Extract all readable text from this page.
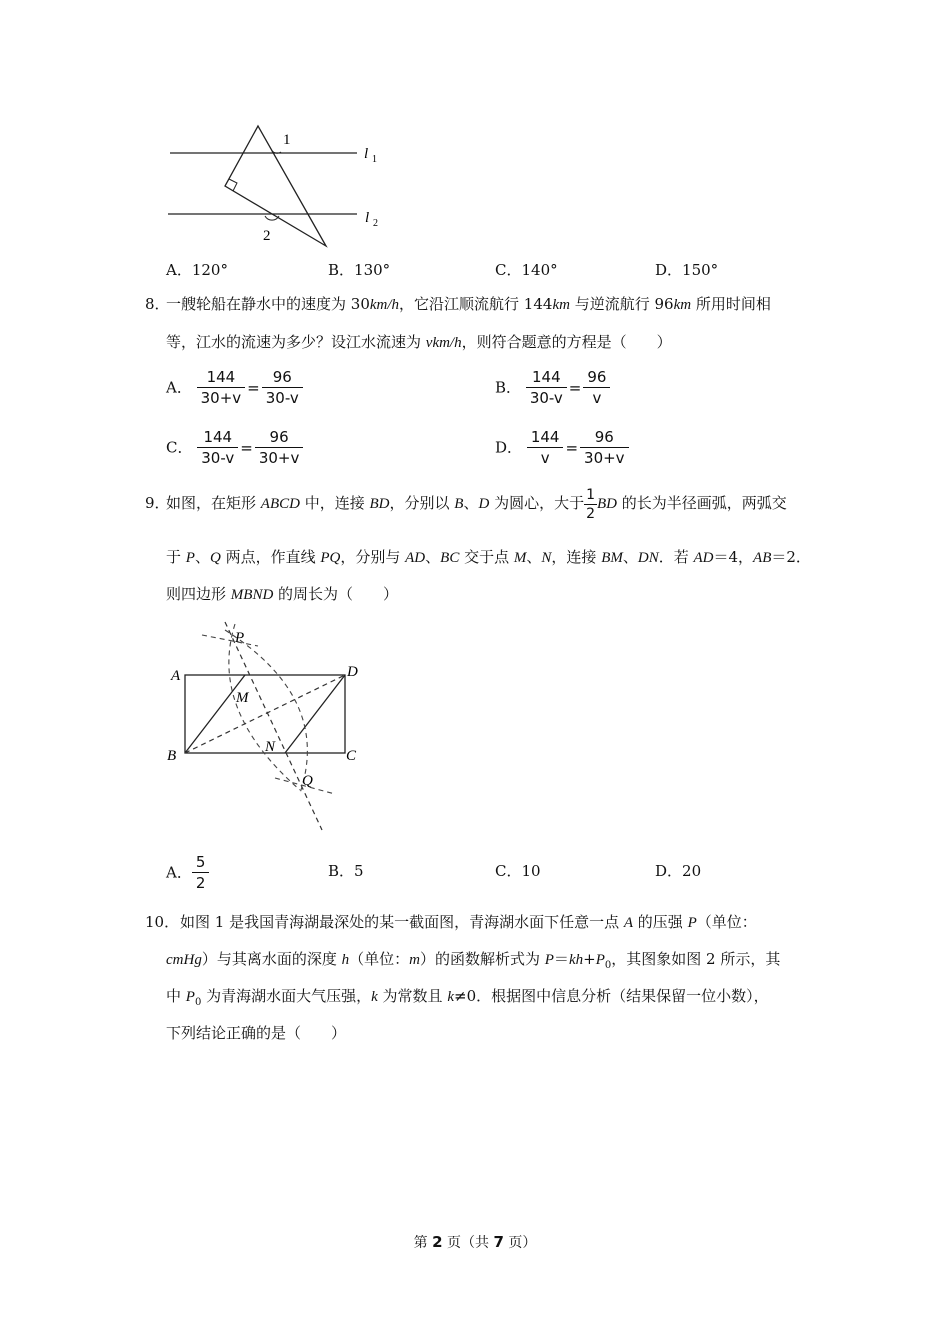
1
2
l 1
l 2
A．120°	B．130°	C．140°	D．150°
8．
一艘轮船在静水中的速度为 30km/h，它沿江顺流航行 144km 与逆流航行 96km 所用时间相
等，江水的流速为多少？设江水流速为 vkm/h，则符合题意的方程是（　　）
A． $\frac{144}{30+v} = \frac{96}{30-v}$	B． $\frac{144}{30-v} = \frac{96}{v}$
C． $\frac{144}{30-v} = \frac{96}{30+v}$	D． $\frac{144}{v} = \frac{96}{30+v}$
9．
如图，在矩形 ABCD 中，连接 BD，分别以 B、D 为圆心，大于 $\frac{1}{2}$ BD 的长为半径画弧，两弧交
于 P、Q 两点，作直线 PQ，分别与 AD、BC 交于点 M、N，连接 BM、DN．若 AD＝4，AB＝2．
则四边形 MBND 的周长为（　　）
P
A	D
M
B
N
C
Q
A． $\frac{5}{2}$	B．5	C．10	D．20
10． 如图 1 是我国青海湖最深处的某一截面图，青海湖水面下任意一点 A 的压强 P（单位：
cmHg）与其离水面的深度 h（单位：m）的函数解析式为 $P=kh+P_0$，其图象如图 2 所示，其
中 $P_0$ 为青海湖水面大气压强，k 为常数且 k≠0．根据图中信息分析（结果保留一位小数），
下列结论正确的是（　　）
第 2 页（共 7 页）
